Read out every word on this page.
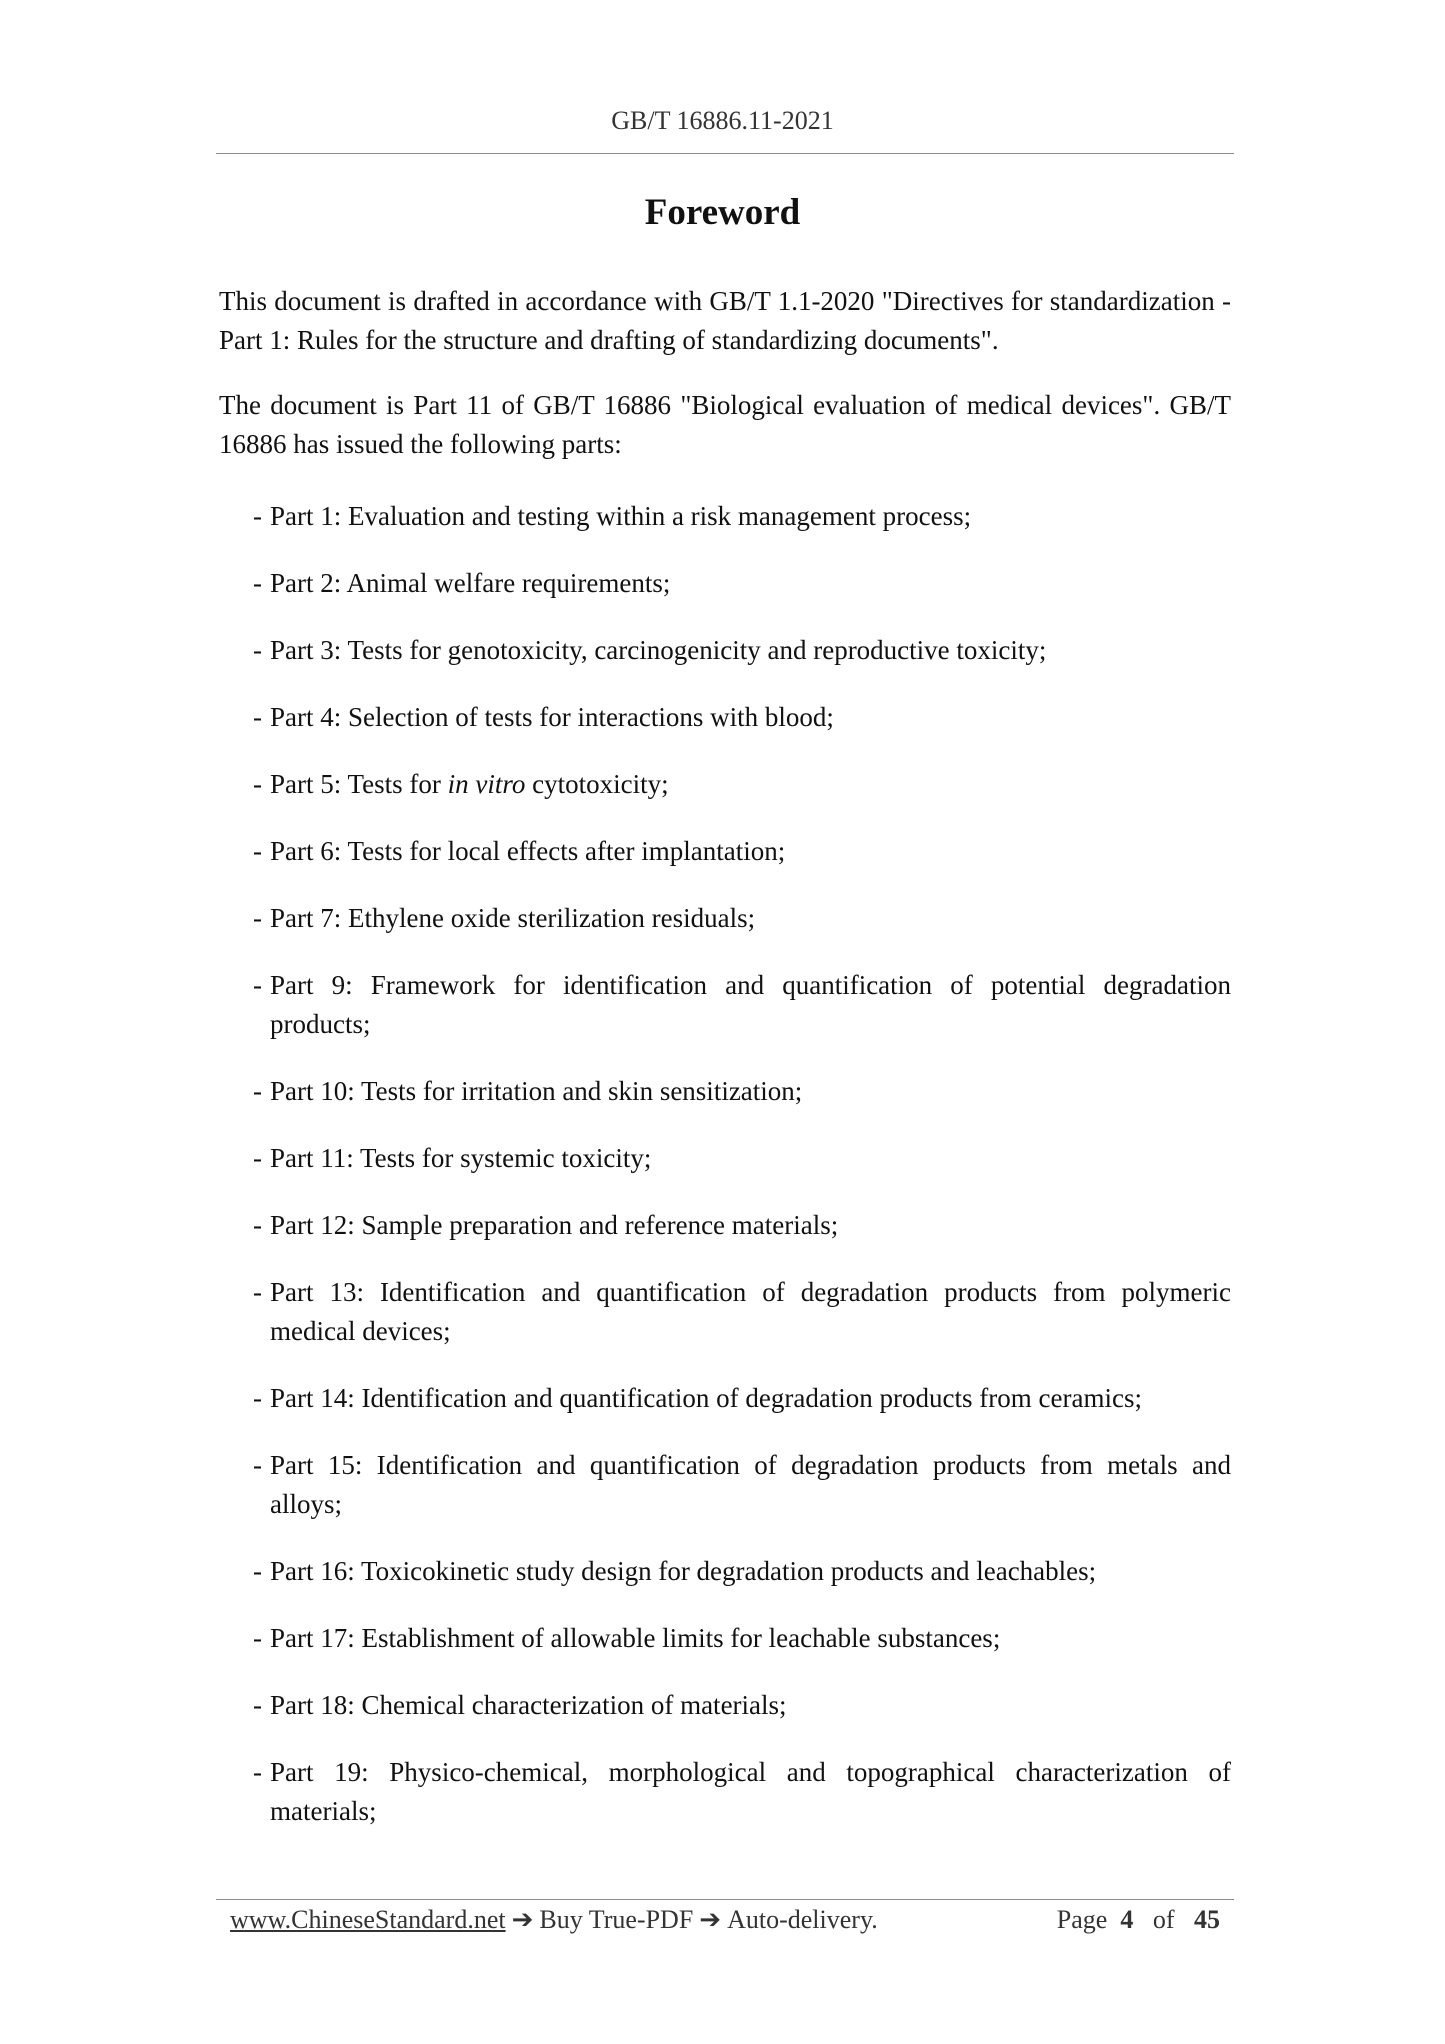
GB/T 16886.11-2021
Foreword

This document is drafted in accordance with GB/T 1.1-2020 "Directives for standardization - Part 1: Rules for the structure and drafting of standardizing documents".

The document is Part 11 of GB/T 16886 "Biological evaluation of medical devices". GB/T 16886 has issued the following parts:

- Part 1: Evaluation and testing within a risk management process;
- Part 2: Animal welfare requirements;
- Part 3: Tests for genotoxicity, carcinogenicity and reproductive toxicity;
- Part 4: Selection of tests for interactions with blood;
- Part 5: Tests for in vitro cytotoxicity;
- Part 6: Tests for local effects after implantation;
- Part 7: Ethylene oxide sterilization residuals;
- Part 9: Framework for identification and quantification of potential degradation products;
- Part 10: Tests for irritation and skin sensitization;
- Part 11: Tests for systemic toxicity;
- Part 12: Sample preparation and reference materials;
- Part 13: Identification and quantification of degradation products from polymeric medical devices;
- Part 14: Identification and quantification of degradation products from ceramics;
- Part 15: Identification and quantification of degradation products from metals and alloys;
- Part 16: Toxicokinetic study design for degradation products and leachables;
- Part 17: Establishment of allowable limits for leachable substances;
- Part 18: Chemical characterization of materials;
- Part 19: Physico-chemical, morphological and topographical characterization of materials;
www.ChineseStandard.net ➔ Buy True-PDF ➔ Auto-delivery.	Page 4 of 45
